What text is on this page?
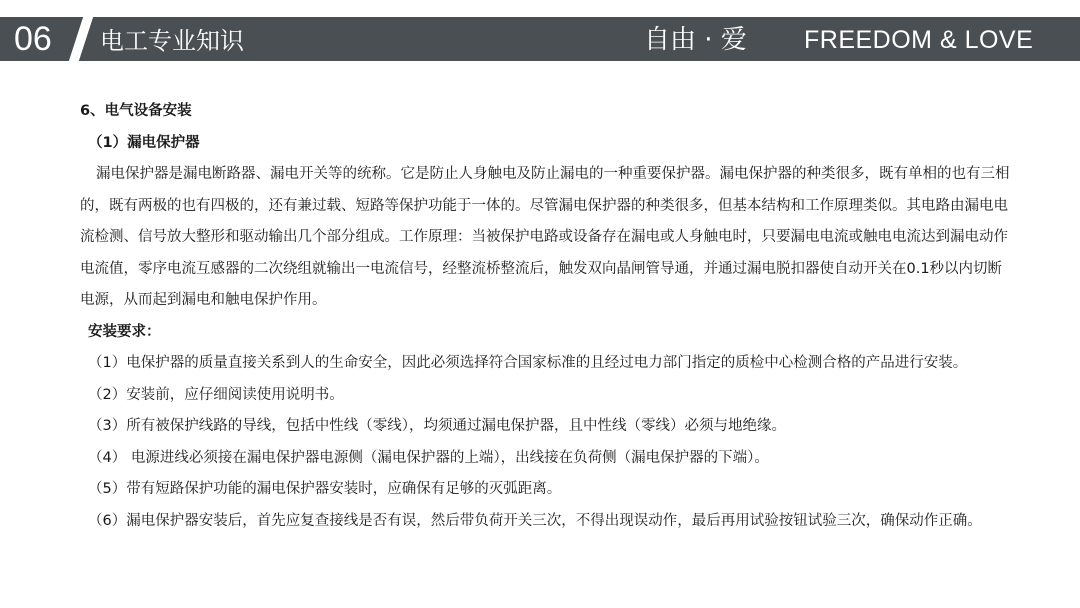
06	电工专业知识	自由 · 爱 FREEDOM & LOVE

6、电气设备安装

（1）漏电保护器

漏电保护器是漏电断路器、漏电开关等的统称。它是防止人身触电及防止漏电的一种重要保护器。漏电保护器的种类很多，既有单相的也有三相的，既有两极的也有四极的，还有兼过载、短路等保护功能于一体的。尽管漏电保护器的种类很多，但基本结构和工作原理类似。其电路由漏电电流检测、信号放大整形和驱动输出几个部分组成。工作原理：当被保护电路或设备存在漏电或人身触电时，只要漏电电流或触电电流达到漏电动作电流值，零序电流互感器的二次绕组就输出一电流信号，经整流桥整流后，触发双向晶闸管导通，并通过漏电脱扣器使自动开关在0.1秒以内切断电源，从而起到漏电和触电保护作用。

安装要求：

（1）电保护器的质量直接关系到人的生命安全，因此必须选择符合国家标准的且经过电力部门指定的质检中心检测合格的产品进行安装。

（2）安装前，应仔细阅读使用说明书。

（3）所有被保护线路的导线，包括中性线（零线），均须通过漏电保护器，且中性线（零线）必须与地绝缘。

（4） 电源进线必须接在漏电保护器电源侧（漏电保护器的上端），出线接在负荷侧（漏电保护器的下端）。

（5）带有短路保护功能的漏电保护器安装时，应确保有足够的灭弧距离。

（6）漏电保护器安装后，首先应复查接线是否有误，然后带负荷开关三次，不得出现误动作，最后再用试验按钮试验三次，确保动作正确。
